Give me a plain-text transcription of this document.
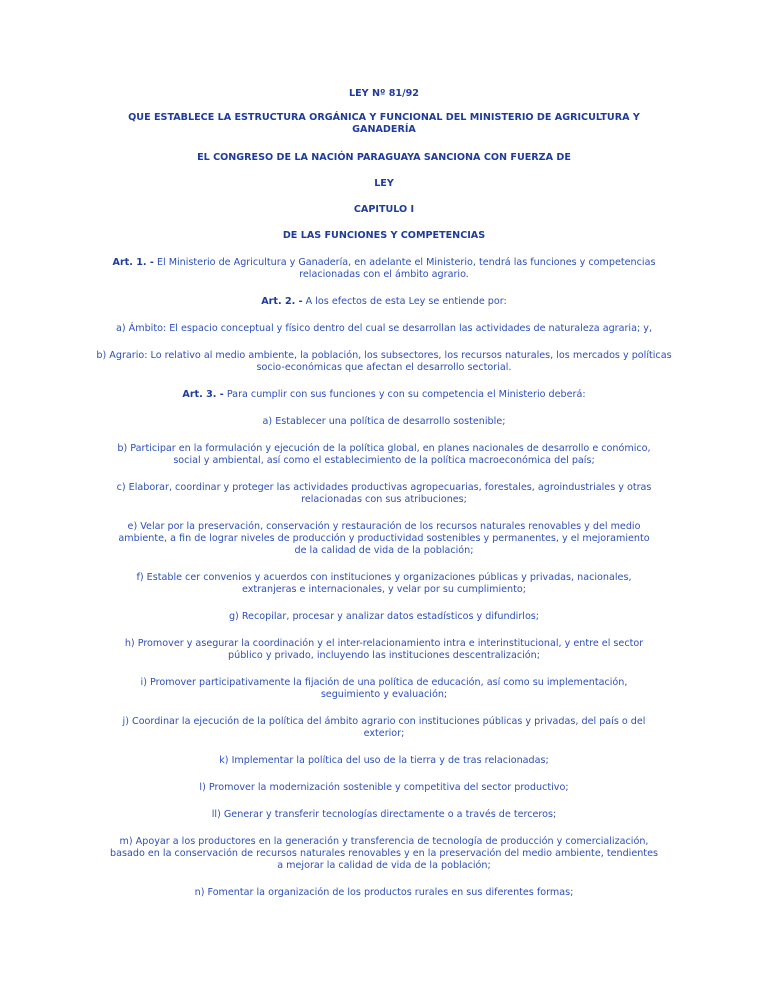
LEY Nº 81/92
QUE ESTABLECE LA ESTRUCTURA ORGÁNICA Y FUNCIONAL DEL MINISTERIO DE AGRICULTURA Y GANADERÍA
EL CONGRESO DE LA NACIÓN PARAGUAYA SANCIONA CON FUERZA DE
LEY
CAPITULO I
DE LAS FUNCIONES Y COMPETENCIAS
Art. 1. - El Ministerio de Agricultura y Ganadería, en adelante el Ministerio, tendrá las funciones y competencias relacionadas con el ámbito agrario.
Art. 2. - A los efectos de esta Ley se entiende por:
a) Ámbito: El espacio conceptual y físico dentro del cual se desarrollan las actividades de naturaleza agraria; y,
b) Agrario: Lo relativo al medio ambiente, la población, los subsectores, los recursos naturales, los mercados y políticas socio-económicas que afectan el desarrollo sectorial.
Art. 3. - Para cumplir con sus funciones y con su competencia el Ministerio deberá:
a) Establecer una política de desarrollo sostenible;
b) Participar en la formulación y ejecución de la política global, en planes nacionales de desarrollo e conómico, social y ambiental, así como el establecimiento de la política macroeconómica del país;
c) Elaborar, coordinar y proteger las actividades productivas agropecuarias, forestales, agroindustriales y otras relacionadas con sus atribuciones;
e) Velar por la preservación, conservación y restauración de los recursos naturales renovables y del medio ambiente, a fin de lograr niveles de producción y productividad sostenibles y permanentes, y el mejoramiento de la calidad de vida de la población;
f) Estable cer convenios y acuerdos con instituciones y organizaciones públicas y privadas, nacionales, extranjeras e internacionales, y velar por su cumplimiento;
g) Recopilar, procesar y analizar datos estadísticos y difundirlos;
h) Promover y asegurar la coordinación y el inter-relacionamiento intra e interinstitucional, y entre el sector público y privado, incluyendo las instituciones descentralización;
i) Promover participativamente la fijación de una política de educación, así como su implementación, seguimiento y evaluación;
j) Coordinar la ejecución de la política del ámbito agrario con instituciones públicas y privadas, del país o del exterior;
k) Implementar la política del uso de la tierra y de tras relacionadas;
l) Promover la modernización sostenible y competitiva del sector productivo;
ll) Generar y transferir tecnologías directamente o a través de terceros;
m) Apoyar a los productores en la generación y transferencia de tecnología de producción y comercialización, basado en la conservación de recursos naturales renovables y en la preservación del medio ambiente, tendientes a mejorar la calidad de vida de la población;
n) Fomentar la organización de los productos rurales en sus diferentes formas;
